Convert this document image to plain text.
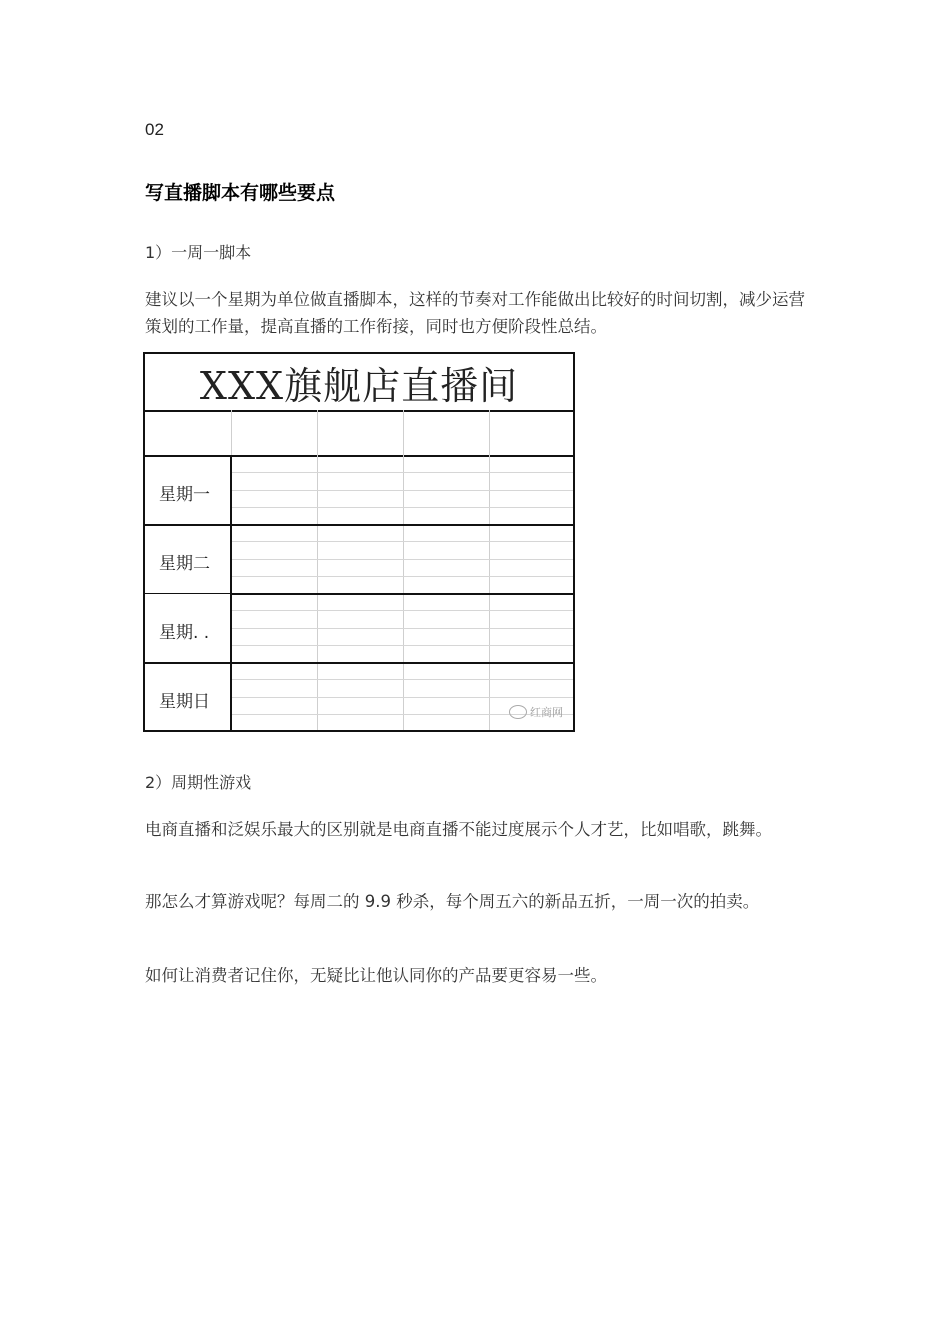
02
写直播脚本有哪些要点
1）一周一脚本

建议以一个星期为单位做直播脚本，这样的节奏对工作能做出比较好的时间切割，减少运营策划的工作量，提高直播的工作衔接，同时也方便阶段性总结。

XXX旗舰店直播间
星期一
星期二
星期. .
星期日
红商网
2）周期性游戏

电商直播和泛娱乐最大的区别就是电商直播不能过度展示个人才艺，比如唱歌，跳舞。

那怎么才算游戏呢？每周二的 9.9 秒杀，每个周五六的新品五折，一周一次的拍卖。

如何让消费者记住你，无疑比让他认同你的产品要更容易一些。
